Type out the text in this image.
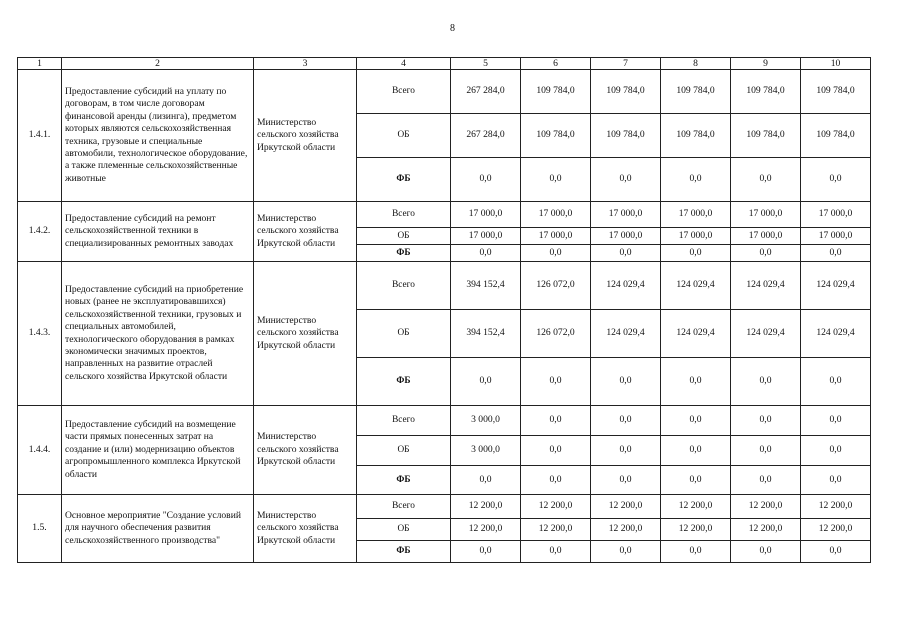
8
1	2	3	4	5	6	7	8	9	10
1.4.1.	Предоставление субсидий на уплату по договорам, в том числе договорам финансовой аренды (лизинга), предметом которых являются сельскохозяйственная техника, грузовые и специальные автомобили, технологическое оборудование, а также племенные сельскохозяйственные животные	Министерство сельского хозяйства Иркутской области	Всего	267 284,0	109 784,0	109 784,0	109 784,0	109 784,0	109 784,0
			ОБ	267 284,0	109 784,0	109 784,0	109 784,0	109 784,0	109 784,0
			ФБ	0,0	0,0	0,0	0,0	0,0	0,0
1.4.2.	Предоставление субсидий на ремонт сельскохозяйственной техники в специализированных ремонтных заводах	Министерство сельского хозяйства Иркутской области	Всего	17 000,0	17 000,0	17 000,0	17 000,0	17 000,0	17 000,0
			ОБ	17 000,0	17 000,0	17 000,0	17 000,0	17 000,0	17 000,0
			ФБ	0,0	0,0	0,0	0,0	0,0	0,0
1.4.3.	Предоставление субсидий на приобретение новых (ранее не эксплуатировавшихся) сельскохозяйственной техники, грузовых и специальных автомобилей, технологического оборудования в рамках экономически значимых проектов, направленных на развитие отраслей сельского хозяйства Иркутской области	Министерство сельского хозяйства Иркутской области	Всего	394 152,4	126 072,0	124 029,4	124 029,4	124 029,4	124 029,4
			ОБ	394 152,4	126 072,0	124 029,4	124 029,4	124 029,4	124 029,4
			ФБ	0,0	0,0	0,0	0,0	0,0	0,0
1.4.4.	Предоставление субсидий на возмещение части прямых понесенных затрат на создание и (или) модернизацию объектов агропромышленного комплекса Иркутской области	Министерство сельского хозяйства Иркутской области	Всего	3 000,0	0,0	0,0	0,0	0,0	0,0
			ОБ	3 000,0	0,0	0,0	0,0	0,0	0,0
			ФБ	0,0	0,0	0,0	0,0	0,0	0,0
1.5.	Основное мероприятие "Создание условий для научного обеспечения развития сельскохозяйственного производства"	Министерство сельского хозяйства Иркутской области	Всего	12 200,0	12 200,0	12 200,0	12 200,0	12 200,0	12 200,0
			ОБ	12 200,0	12 200,0	12 200,0	12 200,0	12 200,0	12 200,0
			ФБ	0,0	0,0	0,0	0,0	0,0	0,0
